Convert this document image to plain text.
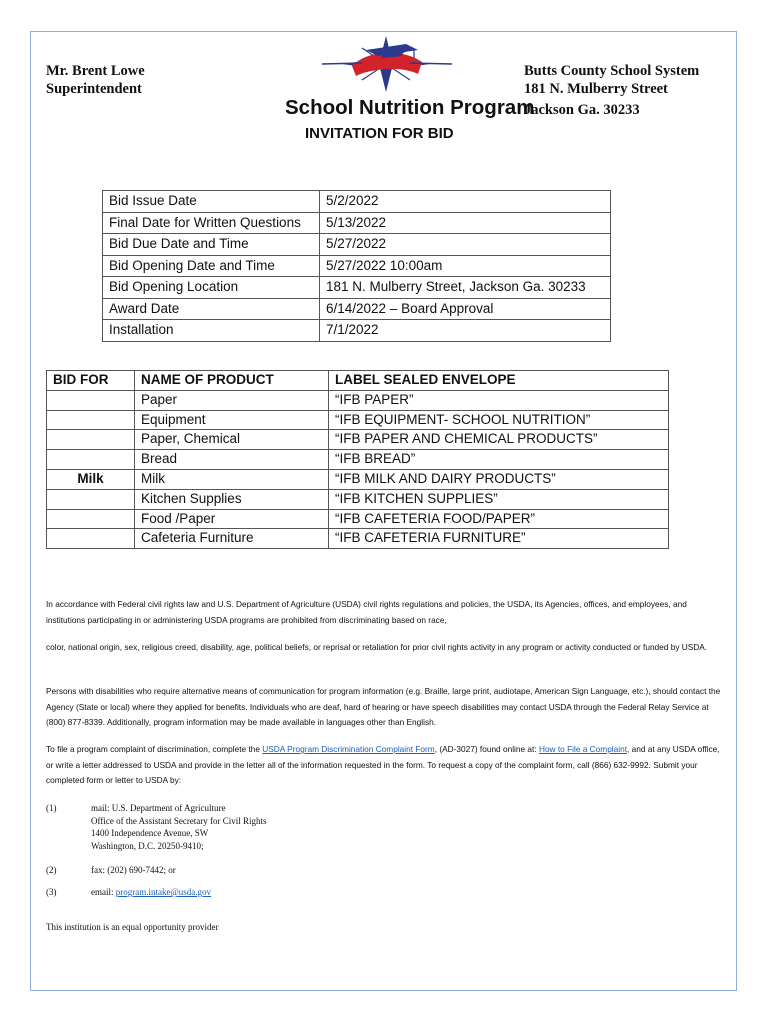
Mr. Brent Lowe
Superintendent
Butts County School System
181 N. Mulberry Street
School Nutrition Program
Jackson Ga. 30233
INVITATION FOR BID
Bid Issue Date	5/2/2022
Final Date for Written Questions	5/13/2022
Bid Due Date and Time	5/27/2022
Bid Opening Date and Time	5/27/2022 10:00am
Bid Opening Location	181 N. Mulberry Street, Jackson Ga. 30233
Award Date	6/14/2022 – Board Approval
Installation	7/1/2022
BID FOR	NAME OF PRODUCT	LABEL SEALED ENVELOPE
	Paper	“IFB PAPER”
	Equipment	“IFB EQUIPMENT- SCHOOL NUTRITION”
	Paper, Chemical	“IFB PAPER AND CHEMICAL PRODUCTS”
	Bread	“IFB BREAD”
Milk	Milk	“IFB MILK AND DAIRY PRODUCTS”
	Kitchen Supplies	“IFB KITCHEN SUPPLIES”
	Food /Paper	“IFB CAFETERIA FOOD/PAPER”
	Cafeteria Furniture	“IFB CAFETERIA FURNITURE”
In accordance with Federal civil rights law and U.S. Department of Agriculture (USDA) civil rights regulations and policies, the USDA, its Agencies, offices, and employees, and institutions participating in or administering USDA programs are prohibited from discriminating based on race,
color, national origin, sex, religious creed, disability, age, political beliefs, or reprisal or retaliation for prior civil rights activity in any program or activity conducted or funded by USDA.
Persons with disabilities who require alternative means of communication for program information (e.g. Braille, large print, audiotape, American Sign Language, etc.), should contact the Agency (State or local) where they applied for benefits. Individuals who are deaf, hard of hearing or have speech disabilities may contact USDA through the Federal Relay Service at (800) 877-8339. Additionally, program information may be made available in languages other than English.
To file a program complaint of discrimination, complete the USDA Program Discrimination Complaint Form, (AD-3027) found online at: How to File a Complaint, and at any USDA office, or write a letter addressed to USDA and provide in the letter all of the information requested in the form. To request a copy of the complaint form, call (866) 632-9992. Submit your completed form or letter to USDA by:
(1)	mail: U.S. Department of Agriculture
Office of the Assistant Secretary for Civil Rights
1400 Independence Avenue, SW
Washington, D.C. 20250-9410;
(2)	fax: (202) 690-7442; or
(3)	email: program.intake@usda.gov
This institution is an equal opportunity provider
